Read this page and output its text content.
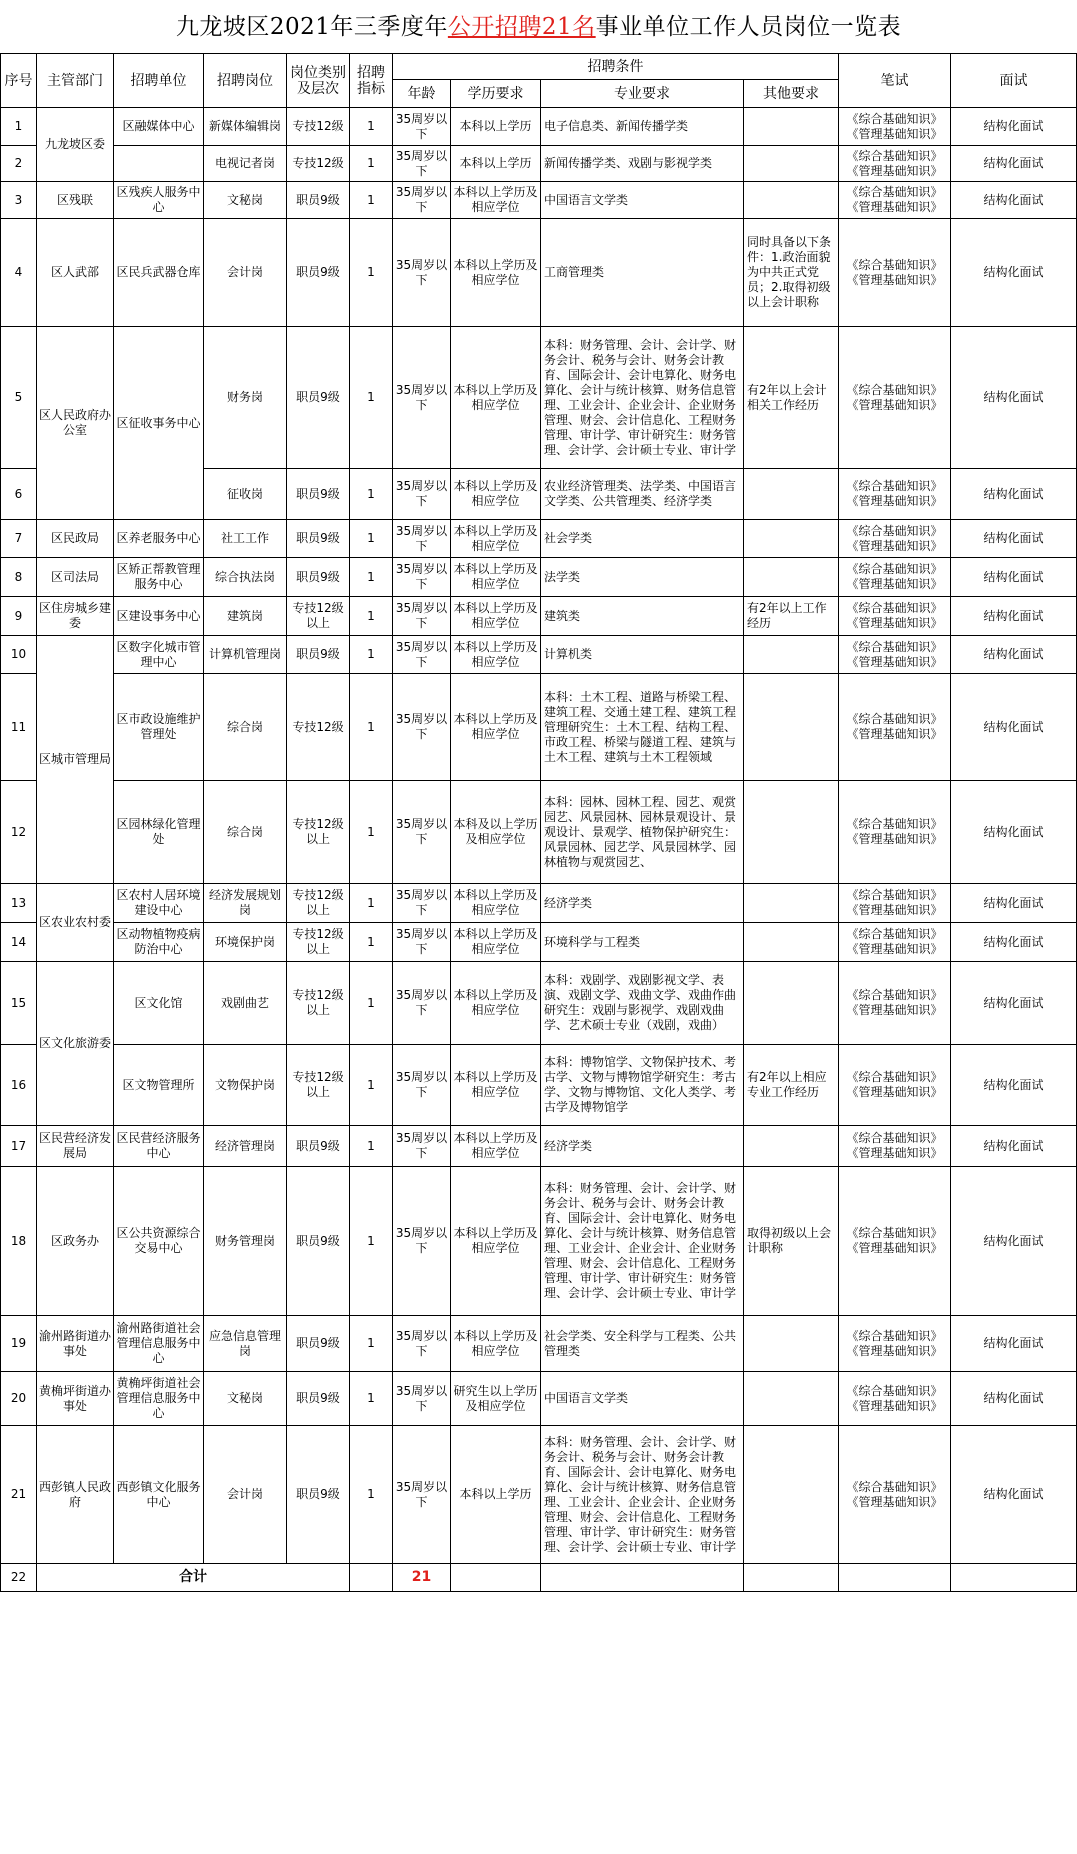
九龙坡区2021年三季度年公开招聘21名事业单位工作人员岗位一览表
序号	主管部门	招聘单位	招聘岗位	岗位类别及层次	招聘指标	招聘条件				笔试	面试	
						年龄	学历要求	专业要求	其他要求			
1	九龙坡区委	区融媒体中心	新媒体编辑岗	专技12级	1	35周岁以下	本科以上学历	电子信息类、新闻传播学类		《综合基础知识》《管理基础知识》	结构化面试	
2			电视记者岗	专技12级	1	35周岁以下	本科以上学历	新闻传播学类、戏剧与影视学类		《综合基础知识》《管理基础知识》	结构化面试	
3	区残联	区残疾人服务中心	文秘岗	职员9级	1	35周岁以下	本科以上学历及相应学位	中国语言文学类		《综合基础知识》《管理基础知识》	结构化面试	
4	区人武部	区民兵武器仓库	会计岗	职员9级	1	35周岁以下	本科以上学历及相应学位	工商管理类	同时具备以下条件：1.政治面貌为中共正式党员；2.取得初级以上会计职称	《综合基础知识》《管理基础知识》	结构化面试	
5	区人民政府办公室	区征收事务中心	财务岗	职员9级	1	35周岁以下	本科以上学历及相应学位	本科：财务管理、会计、会计学、财务会计、税务与会计、财务会计教育、国际会计、会计电算化、财务电算化、会计与统计核算、财务信息管理、工业会计、企业会计、企业财务管理、财会、会计信息化、工程财务管理、审计学、审计研究生：财务管理、会计学、会计硕士专业、审计学	有2年以上会计相关工作经历	《综合基础知识》《管理基础知识》	结构化面试	
6			征收岗	职员9级	1	35周岁以下	本科以上学历及相应学位	农业经济管理类、法学类、中国语言文学类、公共管理类、经济学类		《综合基础知识》《管理基础知识》	结构化面试	
7	区民政局	区养老服务中心	社工工作	职员9级	1	35周岁以下	本科以上学历及相应学位	社会学类		《综合基础知识》《管理基础知识》	结构化面试	
8	区司法局	区矫正帮教管理服务中心	综合执法岗	职员9级	1	35周岁以下	本科以上学历及相应学位	法学类		《综合基础知识》《管理基础知识》	结构化面试	
9	区住房城乡建委	区建设事务中心	建筑岗	专技12级以上	1	35周岁以下	本科以上学历及相应学位	建筑类	有2年以上工作经历	《综合基础知识》《管理基础知识》	结构化面试	
10	区城市管理局	区数字化城市管理中心	计算机管理岗	职员9级	1	35周岁以下	本科以上学历及相应学位	计算机类		《综合基础知识》《管理基础知识》	结构化面试	
11		区市政设施维护管理处	综合岗	专技12级	1	35周岁以下	本科以上学历及相应学位	本科：土木工程、道路与桥梁工程、建筑工程、交通土建工程、建筑工程管理研究生：土木工程、结构工程、市政工程、桥梁与隧道工程、建筑与土木工程、建筑与土木工程领域		《综合基础知识》《管理基础知识》	结构化面试	
12		区园林绿化管理处	综合岗	专技12级以上	1	35周岁以下	本科及以上学历及相应学位	本科：园林、园林工程、园艺、观赏园艺、风景园林、园林景观设计、景观设计、景观学、植物保护研究生：风景园林、园艺学、风景园林学、园林植物与观赏园艺、		《综合基础知识》《管理基础知识》	结构化面试	
13	区农业农村委	区农村人居环境建设中心	经济发展规划岗	专技12级以上	1	35周岁以下	本科以上学历及相应学位	经济学类		《综合基础知识》《管理基础知识》	结构化面试	
14		区动物植物疫病防治中心	环境保护岗	专技12级以上	1	35周岁以下	本科以上学历及相应学位	环境科学与工程类		《综合基础知识》《管理基础知识》	结构化面试	
15	区文化旅游委	区文化馆	戏剧曲艺	专技12级以上	1	35周岁以下	本科以上学历及相应学位	本科：戏剧学、戏剧影视文学、表演、戏剧文学、戏曲文学、戏曲作曲研究生：戏剧与影视学、戏剧戏曲学、艺术硕士专业（戏剧，戏曲）		《综合基础知识》《管理基础知识》	结构化面试	
16		区文物管理所	文物保护岗	专技12级以上	1	35周岁以下	本科以上学历及相应学位	本科：博物馆学、文物保护技术、考古学、文物与博物馆学研究生：考古学、文物与博物馆、文化人类学、考古学及博物馆学	有2年以上相应专业工作经历	《综合基础知识》《管理基础知识》	结构化面试	
17	区民营经济发展局	区民营经济服务中心	经济管理岗	职员9级	1	35周岁以下	本科以上学历及相应学位	经济学类		《综合基础知识》《管理基础知识》	结构化面试	
18	区政务办	区公共资源综合交易中心	财务管理岗	职员9级	1	35周岁以下	本科以上学历及相应学位	本科：财务管理、会计、会计学、财务会计、税务与会计、财务会计教育、国际会计、会计电算化、财务电算化、会计与统计核算、财务信息管理、工业会计、企业会计、企业财务管理、财会、会计信息化、工程财务管理、审计学、审计研究生：财务管理、会计学、会计硕士专业、审计学	取得初级以上会计职称	《综合基础知识》《管理基础知识》	结构化面试	
19	渝州路街道办事处	渝州路街道社会管理信息服务中心	应急信息管理岗	职员9级	1	35周岁以下	本科以上学历及相应学位	社会学类、安全科学与工程类、公共管理类		《综合基础知识》《管理基础知识》	结构化面试	
20	黄桷坪街道办事处	黄桷坪街道社会管理信息服务中心	文秘岗	职员9级	1	35周岁以下	研究生以上学历及相应学位	中国语言文学类		《综合基础知识》《管理基础知识》	结构化面试	
21	西彭镇人民政府	西彭镇文化服务中心	会计岗	职员9级	1	35周岁以下	本科以上学历	本科：财务管理、会计、会计学、财务会计、税务与会计、财务会计教育、国际会计、会计电算化、财务电算化、会计与统计核算、财务信息管理、工业会计、企业会计、企业财务管理、财会、会计信息化、工程财务管理、审计学、审计研究生：财务管理、会计学、会计硕士专业、审计学		《综合基础知识》《管理基础知识》	结构化面试	
22	合计					21						
